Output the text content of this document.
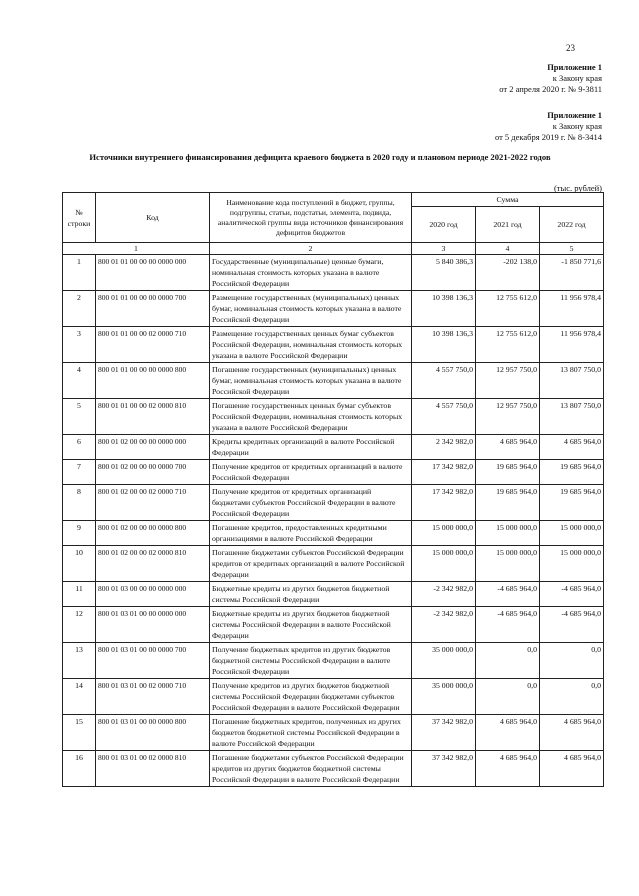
23
Приложение 1
к Закону края
от 2 апреля 2020 г. № 9-3811
Приложение 1
к Закону края
от 5 декабря 2019 г. № 8-3414
Источники внутреннего финансирования дефицита краевого бюджета в 2020 году и плановом периоде 2021-2022 годов
(тыс. рублей)
№ строки	Код	Наименование кода поступлений в бюджет, группы, подгруппы, статьи, подстатьи, элемента, подвида, аналитической группы вида источников финансирования дефицитов бюджетов	Сумма		
			2020 год	2021 год	2022 год
1		2	3	4	5
1	800 01 01 00 00 00 0000 000	Государственные (муниципальные) ценные бумаги, номинальная стоимость которых указана в валюте Российской Федерации	5 840 386,3	-202 138,0	-1 850 771,6
2	800 01 01 00 00 00 0000 700	Размещение государственных (муниципальных) ценных бумаг, номинальная стоимость которых указана в валюте Российской Федерации	10 398 136,3	12 755 612,0	11 956 978,4
3	800 01 01 00 00 02 0000 710	Размещение государственных ценных бумаг субъектов Российской Федерации, номинальная стоимость которых указана в валюте Российской Федерации	10 398 136,3	12 755 612,0	11 956 978,4
4	800 01 01 00 00 00 0000 800	Погашение государственных (муниципальных) ценных бумаг, номинальная стоимость которых указана в валюте Российской Федерации	4 557 750,0	12 957 750,0	13 807 750,0
5	800 01 01 00 00 02 0000 810	Погашение государственных ценных бумаг субъектов Российской Федерации, номинальная стоимость которых указана в валюте Российской Федерации	4 557 750,0	12 957 750,0	13 807 750,0
6	800 01 02 00 00 00 0000 000	Кредиты кредитных организаций в валюте Российской Федерации	2 342 982,0	4 685 964,0	4 685 964,0
7	800 01 02 00 00 00 0000 700	Получение кредитов от кредитных организаций в валюте Российской Федерации	17 342 982,0	19 685 964,0	19 685 964,0
8	800 01 02 00 00 02 0000 710	Получение кредитов от кредитных организаций бюджетами субъектов Российской Федерации в валюте Российской Федерации	17 342 982,0	19 685 964,0	19 685 964,0
9	800 01 02 00 00 00 0000 800	Погашение кредитов, предоставленных кредитными организациями в валюте Российской Федерации	15 000 000,0	15 000 000,0	15 000 000,0
10	800 01 02 00 00 02 0000 810	Погашение бюджетами субъектов Российской Федерации кредитов от кредитных организаций в валюте Российской Федерации	15 000 000,0	15 000 000,0	15 000 000,0
11	800 01 03 00 00 00 0000 000	Бюджетные кредиты из других бюджетов бюджетной системы Российской Федерации	-2 342 982,0	-4 685 964,0	-4 685 964,0
12	800 01 03 01 00 00 0000 000	Бюджетные кредиты из других бюджетов бюджетной системы Российской Федерации в валюте Российской Федерации	-2 342 982,0	-4 685 964,0	-4 685 964,0
13	800 01 03 01 00 00 0000 700	Получение бюджетных кредитов из других бюджетов бюджетной системы Российской Федерации в валюте Российской Федерации	35 000 000,0	0,0	0,0
14	800 01 03 01 00 02 0000 710	Получение кредитов из других бюджетов бюджетной системы Российской Федерации бюджетами субъектов Российской Федерации в валюте Российской Федерации	35 000 000,0	0,0	0,0
15	800 01 03 01 00 00 0000 800	Погашение бюджетных кредитов, полученных из других бюджетов бюджетной системы Российской Федерации в валюте Российской Федерации	37 342 982,0	4 685 964,0	4 685 964,0
16	800 01 03 01 00 02 0000 810	Погашение бюджетами субъектов Российской Федерации кредитов из других бюджетов бюджетной системы Российской Федерации в валюте Российской Федерации	37 342 982,0	4 685 964,0	4 685 964,0
